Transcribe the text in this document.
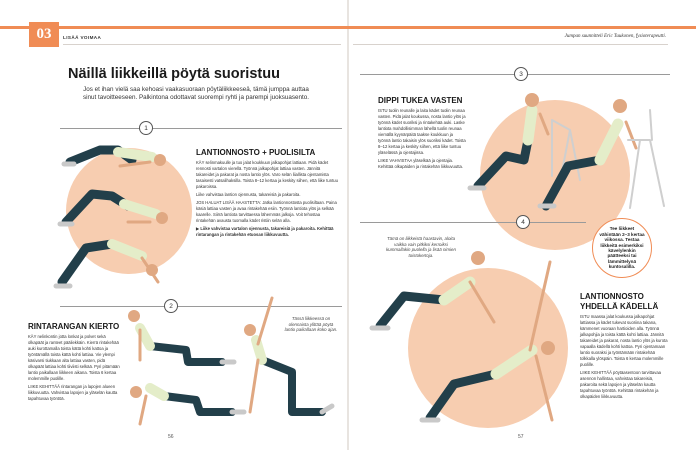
03	LISÄÄ VOIMAA	Jumpan suunnitteli Eric Tuukonen, fysioterapeutti.
Näillä liikkeillä pöytä suoristuu
Jos et ihan vielä saa kehoasi vaakasuoraan pöytäliikkeeseä, tämä jumppa auttaa sinut tavoitteeseen. Palkintona odottavat suorempi ryhti ja parempi juoksuasento.
1
2
3
4
LANTIONNOSTO + PUOLISILTA

KÄY selinmakuulle ja tuo jalat koukkuun jalkapohjat lattiaan. Pidä kädet rennosti vartalon vierellä. Työnnä jalkapohjat lattiaa vasten. Jännitä takareidet ja pakarat ja nosta lantio ylös. Varo selän liiallista ojentamista tasaisesti vatsalihaksilla. Toista 8–12 kertaa ja keskity siihen, että liike tuntuu pakaroissa.

Liike vahvistaa lantion ojennusta, takareisiä ja pakaroita.

JOS HALUAT LISÄÄ HAASTETTA: Jatka lantionnostosta puolisiltaan. Paina käsiä lattiaa vasten ja avaa rintakehää esiin. Työnnä lantiota ylös ja selkää kaarelle. Siirrä lantiota tarvittaessa lähemmäs jalkoja. Voit tehostaa rintakehän avausta tuomalla kädet ristiin selän alla.

▶ Liike vahvistaa vartalon ojennusta, takareisiä ja pakaroita. Kehittää rintarangan ja rintakehän etuosan liikkuvuutta.

RINTARANGAN KIERTO

KÄY nelinkontin jotta lonkat ja polvet sekä olkapäät ja ranteet pääliekkäin. Kierrä rintakehää auki kurottamalla toista kättä kohti kattoa ja työntämällä toista kättä kohti lattiaa. Vie ylempi käsivarsi tiukkaan alta lattiaa vasten, pidä olkapäät lattiaa kohti tiiviisti selkää. Pyri pitämään lantio paikallaan liikkeen aikana. Toista 6 kertaa molemmille puolille.

LIIKE KEHITTÄÄ rintarangan ja lapojen alueen liikkuvuutta. Vahvistaa lapojen ja yläselän kautta tapahtuvaa työntöä.

Tässä liikkeessä on olennaista ylittää pöytä lantio paikallaan koko ajan.
DIPPI TUKEA VASTEN

ISTU tuolin reunalle ja laita kädet tuolin reunaa vasten. Pidä jalat koukussa, nosta lantio ylös ja työnnä kädet suoriksi ja rintakehää auki. Laske lantiota mahdollisimman lähellä tuolin reunaa viemällä kyynärpäitä taakse koukkuun ja työnnä lantio takaisin ylös suoriksi kädet. Toista 8–12 kertaa ja keskity siihen, että liike tuntuu yläselässä ja ojentajissa.

LIIKE VAHVISTAA yläselkää ja ojentajia. Kehittää olkapäiden ja rintakehän liikkuvuutta.

Tämä on liikkeistä haastavin, aloita vaikka vain pitkiksi kerroiksi kummallakin puolella ja lisää nimien toistokertoja.
LANTIONNOSTO YHDELLÄ KÄDELLÄ

ISTU maassa jalat koukussa jalkapohjat lattiassa ja kädet tukevat suoriina takana, kämmenet vuoraan hartioiden alla. Työnnä jalkapohjia ja toista kättä kohti lattiaa. Jännitä takareidet ja pakarat, nosta lantio ylös ja kurota vapaalla kädellä kohti kattoa. Pyri ojentamaan lantio suoraksi ja työntämään rintakehää tolkkalla ylöspäin. Toista 6 kertaa molemmille puolille.

LIIKE KEHITTÄÄ pöytäasentoon tarvittavaa asennon hallintaa, vahvistaa takareisiä, pakaroita sekä lapojen ja yläselän kautta tapahtuvaa työntöä. Kehittää rintakehän ja olkapäiden liikkuvuutta.

Tee liikkeet vähintään 2–3 kertaa viikossa. Testaa liikkeitä esimerkiksi kävelylenkin päätteeksi tai lämmittelynä kuntosalilla.
56	57
